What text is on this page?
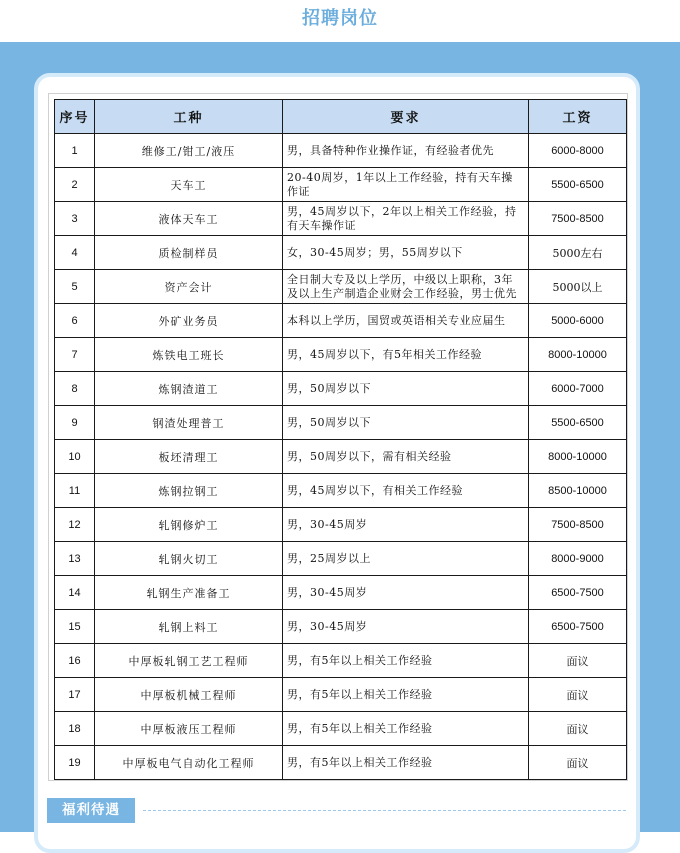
招聘岗位
序号	工种	要求	工资
1	维修工/钳工/液压	男，具备特种作业操作证，有经验者优先	6000-8000
2	天车工	20-40周岁，1年以上工作经验，持有天车操作证	5500-6500
3	液体天车工	男，45周岁以下，2年以上相关工作经验，持有天车操作证	7500-8500
4	质检制样员	女，30-45周岁；男，55周岁以下	5000左右
5	资产会计	全日制大专及以上学历，中级以上职称，3年及以上生产制造企业财会工作经验，男士优先	5000以上
6	外矿业务员	本科以上学历，国贸或英语相关专业应届生	5000-6000
7	炼铁电工班长	男，45周岁以下，有5年相关工作经验	8000-10000
8	炼钢渣道工	男，50周岁以下	6000-7000
9	钢渣处理普工	男，50周岁以下	5500-6500
10	板坯清理工	男，50周岁以下，需有相关经验	8000-10000
11	炼钢拉钢工	男，45周岁以下，有相关工作经验	8500-10000
12	轧钢修炉工	男，30-45周岁	7500-8500
13	轧钢火切工	男，25周岁以上	8000-9000
14	轧钢生产准备工	男，30-45周岁	6500-7500
15	轧钢上料工	男，30-45周岁	6500-7500
16	中厚板轧钢工艺工程师	男，有5年以上相关工作经验	面议
17	中厚板机械工程师	男，有5年以上相关工作经验	面议
18	中厚板液压工程师	男，有5年以上相关工作经验	面议
19	中厚板电气自动化工程师	男，有5年以上相关工作经验	面议
福利待遇
